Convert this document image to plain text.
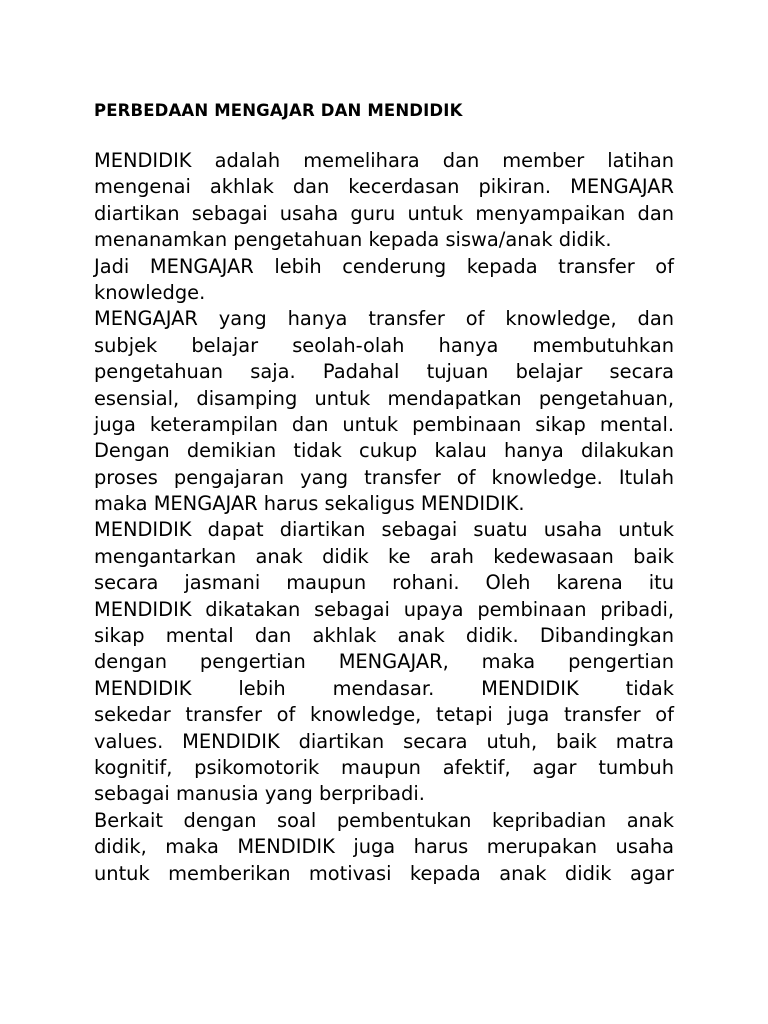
PERBEDAAN MENGAJAR DAN MENDIDIK
MENDIDIK adalah memelihara dan member latihan
mengenai akhlak dan kecerdasan pikiran. MENGAJAR
diartikan sebagai usaha guru untuk menyampaikan dan
menanamkan pengetahuan kepada siswa/anak didik.
Jadi MENGAJAR lebih cenderung kepada transfer of
knowledge.
MENGAJAR yang hanya transfer of knowledge, dan
subjek belajar seolah-olah hanya membutuhkan
pengetahuan saja. Padahal tujuan belajar secara
esensial, disamping untuk mendapatkan pengetahuan,
juga keterampilan dan untuk pembinaan sikap mental.
Dengan demikian tidak cukup kalau hanya dilakukan
proses pengajaran yang transfer of knowledge. Itulah
maka MENGAJAR harus sekaligus MENDIDIK.
MENDIDIK dapat diartikan sebagai suatu usaha untuk
mengantarkan anak didik ke arah kedewasaan baik
secara jasmani maupun rohani. Oleh karena itu
MENDIDIK dikatakan sebagai upaya pembinaan pribadi,
sikap mental dan akhlak anak didik. Dibandingkan
dengan pengertian MENGAJAR, maka pengertian
MENDIDIK lebih mendasar. MENDIDIK tidak
sekedar transfer of knowledge, tetapi juga transfer of
values. MENDIDIK diartikan secara utuh, baik matra
kognitif, psikomotorik maupun afektif, agar tumbuh
sebagai manusia yang berpribadi.
Berkait dengan soal pembentukan kepribadian anak
didik, maka MENDIDIK juga harus merupakan usaha
untuk memberikan motivasi kepada anak didik agar
